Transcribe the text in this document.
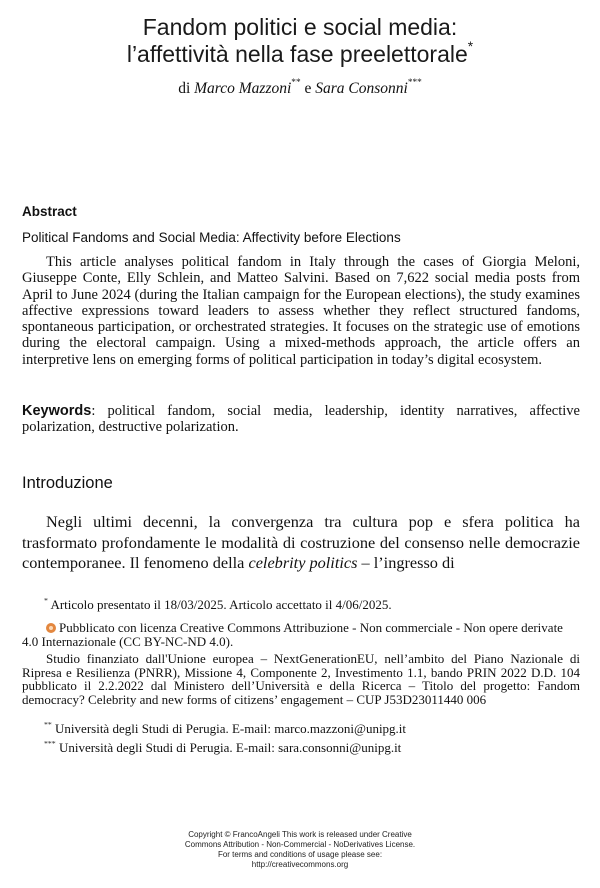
Fandom politici e social media:
l’affettività nella fase preelettorale*
di Marco Mazzoni** e Sara Consonni***
Abstract
Political Fandoms and Social Media: Affectivity before Elections
This article analyses political fandom in Italy through the cases of Giorgia Meloni, Giuseppe Conte, Elly Schlein, and Matteo Salvini. Based on 7,622 social media posts from April to June 2024 (during the Italian campaign for the European elections), the study examines affective expressions toward leaders to assess whether they reflect structured fandoms, spontaneous participation, or orchestrated strategies. It focuses on the strategic use of emotions during the electoral campaign. Using a mixed-methods approach, the article offers an interpretive lens on emerging forms of political participation in today’s digital ecosystem.
Keywords: political fandom, social media, leadership, identity narratives, affective polarization, destructive polarization.
Introduzione
Negli ultimi decenni, la convergenza tra cultura pop e sfera politica ha trasformato profondamente le modalità di costruzione del consenso nelle democrazie contemporanee. Il fenomeno della celebrity politics – l’ingresso di
* Articolo presentato il 18/03/2025. Articolo accettato il 4/06/2025.
Pubblicato con licenza Creative Commons Attribuzione - Non commerciale - Non opere derivate 4.0 Internazionale (CC BY-NC-ND 4.0).
Studio finanziato dall'Unione europea – NextGenerationEU, nell’ambito del Piano Nazionale di Ripresa e Resilienza (PNRR), Missione 4, Componente 2, Investimento 1.1, bando PRIN 2022 D.D. 104 pubblicato il 2.2.2022 dal Ministero dell’Università e della Ricerca – Titolo del progetto: Fandom democracy? Celebrity and new forms of citizens’ engagement – CUP J53D23011440 006
** Università degli Studi di Perugia. E-mail: marco.mazzoni@unipg.it
*** Università degli Studi di Perugia. E-mail: sara.consonni@unipg.it
Copyright © FrancoAngeli This work is released under Creative
Commons Attribution - Non-Commercial - NoDerivatives License.
For terms and conditions of usage please see:
http://creativecommons.org
